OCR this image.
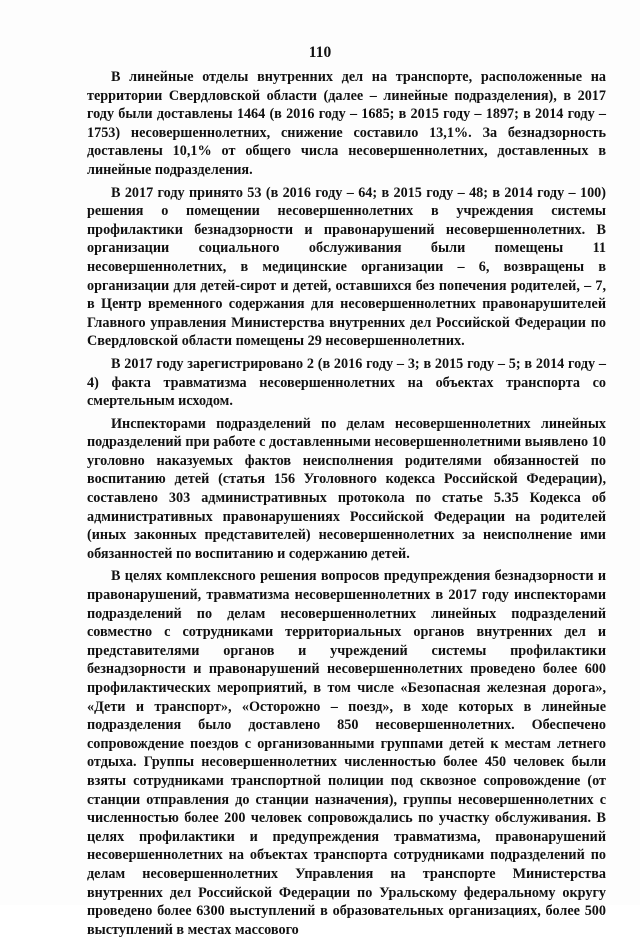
110

В линейные отделы внутренних дел на транспорте, расположенные на территории Свердловской области (далее – линейные подразделения), в 2017 году были доставлены 1464 (в 2016 году – 1685; в 2015 году – 1897; в 2014 году – 1753) несовершеннолетних, снижение составило 13,1%. За безнадзорность доставлены 10,1% от общего числа несовершеннолетних, доставленных в линейные подразделения.

В 2017 году принято 53 (в 2016 году – 64; в 2015 году – 48; в 2014 году – 100) решения о помещении несовершеннолетних в учреждения системы профилактики безнадзорности и правонарушений несовершеннолетних. В организации социального обслуживания были помещены 11 несовершеннолетних, в медицинские организации – 6, возвращены в организации для детей-сирот и детей, оставшихся без попечения родителей, – 7, в Центр временного содержания для несовершеннолетних правонарушителей Главного управления Министерства внутренних дел Российской Федерации по Свердловской области помещены 29 несовершеннолетних.

В 2017 году зарегистрировано 2 (в 2016 году – 3; в 2015 году – 5; в 2014 году – 4) факта травматизма несовершеннолетних на объектах транспорта со смертельным исходом.

Инспекторами подразделений по делам несовершеннолетних линейных подразделений при работе с доставленными несовершеннолетними выявлено 10 уголовно наказуемых фактов неисполнения родителями обязанностей по воспитанию детей (статья 156 Уголовного кодекса Российской Федерации), составлено 303 административных протокола по статье 5.35 Кодекса об административных правонарушениях Российской Федерации на родителей (иных законных представителей) несовершеннолетних за неисполнение ими обязанностей по воспитанию и содержанию детей.

В целях комплексного решения вопросов предупреждения безнадзорности и правонарушений, травматизма несовершеннолетних в 2017 году инспекторами подразделений по делам несовершеннолетних линейных подразделений совместно с сотрудниками территориальных органов внутренних дел и представителями органов и учреждений системы профилактики безнадзорности и правонарушений несовершеннолетних проведено более 600 профилактических мероприятий, в том числе «Безопасная железная дорога», «Дети и транспорт», «Осторожно – поезд», в ходе которых в линейные подразделения было доставлено 850 несовершеннолетних. Обеспечено сопровождение поездов с организованными группами детей к местам летнего отдыха. Группы несовершеннолетних численностью более 450 человек были взяты сотрудниками транспортной полиции под сквозное сопровождение (от станции отправления до станции назначения), группы несовершеннолетних с численностью более 200 человек сопровождались по участку обслуживания. В целях профилактики и предупреждения травматизма, правонарушений несовершеннолетних на объектах транспорта сотрудниками подразделений по делам несовершеннолетних Управления на транспорте Министерства внутренних дел Российской Федерации по Уральскому федеральному округу проведено более 6300 выступлений в образовательных организациях, более 500 выступлений в местах массового
